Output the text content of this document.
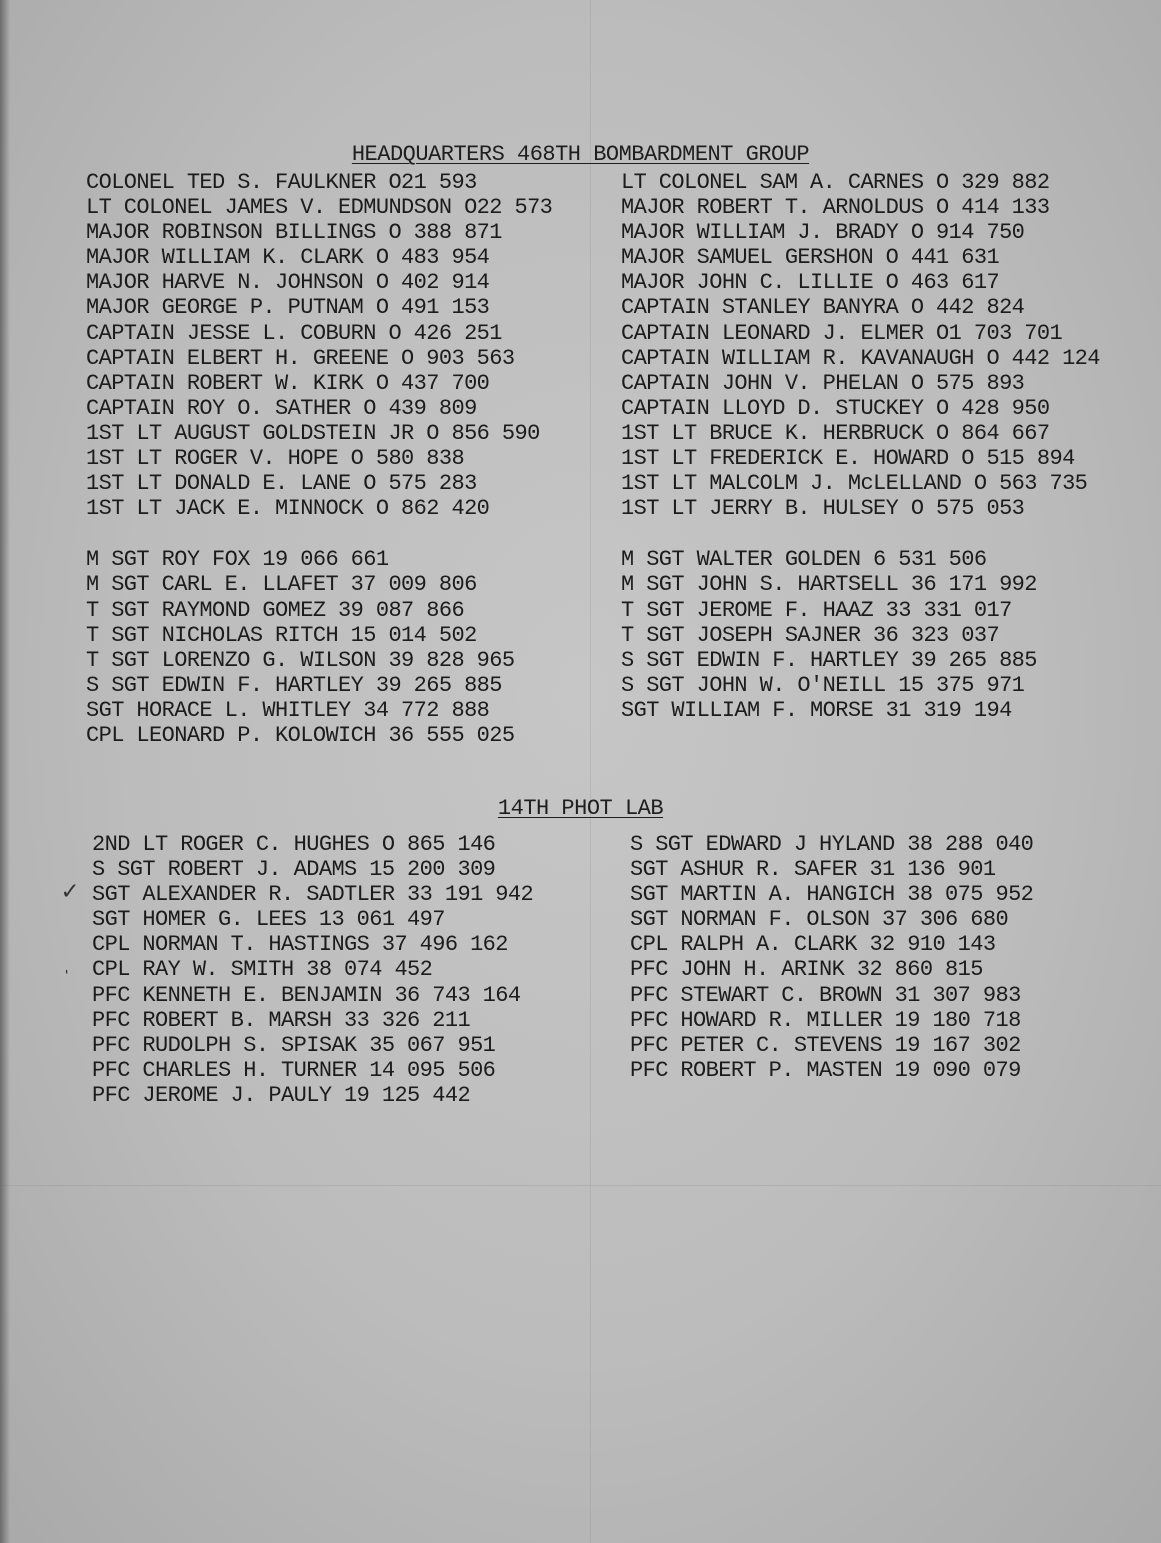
HEADQUARTERS 468TH BOMBARDMENT GROUP
COLONEL TED S. FAULKNER O21 593
LT COLONEL JAMES V. EDMUNDSON O22 573
MAJOR ROBINSON BILLINGS O 388 871
MAJOR WILLIAM K. CLARK O 483 954
MAJOR HARVE N. JOHNSON O 402 914
MAJOR GEORGE P. PUTNAM O 491 153
CAPTAIN JESSE L. COBURN O 426 251
CAPTAIN ELBERT H. GREENE O 903 563
CAPTAIN ROBERT W. KIRK O 437 700
CAPTAIN ROY O. SATHER O 439 809
1ST LT AUGUST GOLDSTEIN JR O 856 590
1ST LT ROGER V. HOPE O 580 838
1ST LT DONALD E. LANE O 575 283
1ST LT JACK E. MINNOCK O 862 420
M SGT ROY FOX 19 066 661
M SGT CARL E. LLAFET 37 009 806
T SGT RAYMOND GOMEZ 39 087 866
T SGT NICHOLAS RITCH 15 014 502
T SGT LORENZO G. WILSON 39 828 965
S SGT EDWIN F. HARTLEY 39 265 885
SGT HORACE L. WHITLEY 34 772 888
CPL LEONARD P. KOLOWICH 36 555 025
LT COLONEL SAM A. CARNES O 329 882
MAJOR ROBERT T. ARNOLDUS O 414 133
MAJOR WILLIAM J. BRADY O 914 750
MAJOR SAMUEL GERSHON O 441 631
MAJOR JOHN C. LILLIE O 463 617
CAPTAIN STANLEY BANYRA O 442 824
CAPTAIN LEONARD J. ELMER O1 703 701
CAPTAIN WILLIAM R. KAVANAUGH O 442 124
CAPTAIN JOHN V. PHELAN O 575 893
CAPTAIN LLOYD D. STUCKEY O 428 950
1ST LT BRUCE K. HERBRUCK O 864 667
1ST LT FREDERICK E. HOWARD O 515 894
1ST LT MALCOLM J. McLELLAND O 563 735
1ST LT JERRY B. HULSEY O 575 053
M SGT WALTER GOLDEN 6 531 506
M SGT JOHN S. HARTSELL 36 171 992
T SGT JEROME F. HAAZ 33 331 017
T SGT JOSEPH SAJNER 36 323 037
S SGT EDWIN F. HARTLEY 39 265 885
S SGT JOHN W. O'NEILL 15 375 971
SGT WILLIAM F. MORSE 31 319 194
14TH PHOT LAB
2ND LT ROGER C. HUGHES O 865 146
S SGT ROBERT J. ADAMS 15 200 309
SGT ALEXANDER R. SADTLER 33 191 942
SGT HOMER G. LEES 13 061 497
CPL NORMAN T. HASTINGS 37 496 162
CPL RAY W. SMITH 38 074 452
PFC KENNETH E. BENJAMIN 36 743 164
PFC ROBERT B. MARSH 33 326 211
PFC RUDOLPH S. SPISAK 35 067 951
PFC CHARLES H. TURNER 14 095 506
PFC JEROME J. PAULY 19 125 442
S SGT EDWARD J HYLAND 38 288 040
SGT ASHUR R. SAFER 31 136 901
SGT MARTIN A. HANGICH 38 075 952
SGT NORMAN F. OLSON 37 306 680
CPL RALPH A. CLARK 32 910 143
PFC JOHN H. ARINK 32 860 815
PFC STEWART C. BROWN 31 307 983
PFC HOWARD R. MILLER 19 180 718
PFC PETER C. STEVENS 19 167 302
PFC ROBERT P. MASTEN 19 090 079
✓
ˌ
